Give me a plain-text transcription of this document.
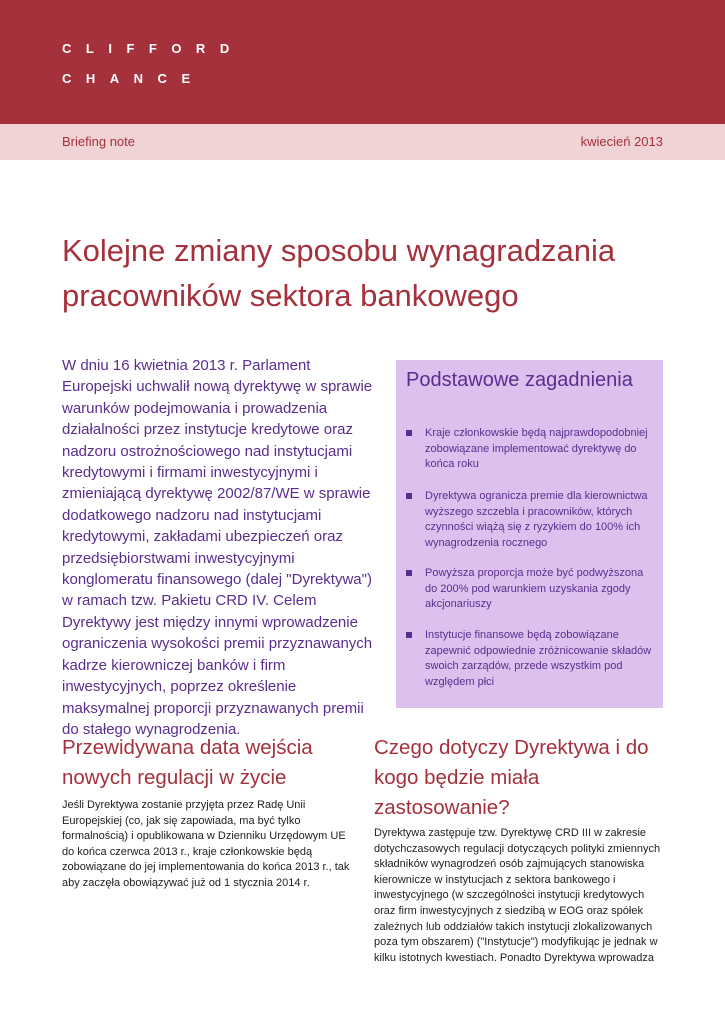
CLIFFORD
CHANCE
Briefing note	kwiecień 2013
Kolejne zmiany sposobu wynagradzania pracowników sektora bankowego

W dniu 16 kwietnia 2013 r. Parlament Europejski uchwalił nową dyrektywę w sprawie warunków podejmowania i prowadzenia działalności przez instytucje kredytowe oraz nadzoru ostrożnościowego nad instytucjami kredytowymi i firmami inwestycyjnymi i zmieniającą dyrektywę 2002/87/WE w sprawie dodatkowego nadzoru nad instytucjami kredytowymi, zakładami ubezpieczeń oraz przedsiębiorstwami inwestycyjnymi konglomeratu finansowego (dalej "Dyrektywa") w ramach tzw. Pakietu CRD IV. Celem Dyrektywy jest między innymi wprowadzenie ograniczenia wysokości premii przyznawanych kadrze kierowniczej banków i firm inwestycyjnych, poprzez określenie maksymalnej proporcji przyznawanych premii do stałego wynagrodzenia.

Podstawowe zagadnienia
Kraje członkowskie będą najprawdopodobniej zobowiązane implementować dyrektywę do końca roku
Dyrektywa ogranicza premie dla kierownictwa wyższego szczebla i pracowników, których czynności wiążą się z ryzykiem do 100% ich wynagrodzenia rocznego
Powyższa proporcja może być podwyższona do 200% pod warunkiem uzyskania zgody akcjonariuszy
Instytucje finansowe będą zobowiązane zapewnić odpowiednie zróżnicowanie składów swoich zarządów, przede wszystkim pod względem płci
Przewidywana data wejścia nowych regulacji w życie

Jeśli Dyrektywa zostanie przyjęta przez Radę Unii Europejskiej (co, jak się zapowiada, ma być tylko formalnością) i opublikowana w Dzienniku Urzędowym UE do końca czerwca 2013 r., kraje członkowskie będą zobowiązane do jej implementowania do końca 2013 r., tak aby zaczęła obowiązywać już od 1 stycznia 2014 r.

Czego dotyczy Dyrektywa i do kogo będzie miała zastosowanie?

Dyrektywa zastępuje tzw. Dyrektywę CRD III w zakresie dotychczasowych regulacji dotyczących polityki zmiennych składników wynagrodzeń osób zajmujących stanowiska kierownicze w instytucjach z sektora bankowego i inwestycyjnego (w szczególności instytucji kredytowych oraz firm inwestycyjnych z siedzibą w EOG oraz spółek zależnych lub oddziałów takich instytucji zlokalizowanych poza tym obszarem) ("Instytucje") modyfikując je jednak w kilku istotnych kwestiach. Ponadto Dyrektywa wprowadza
